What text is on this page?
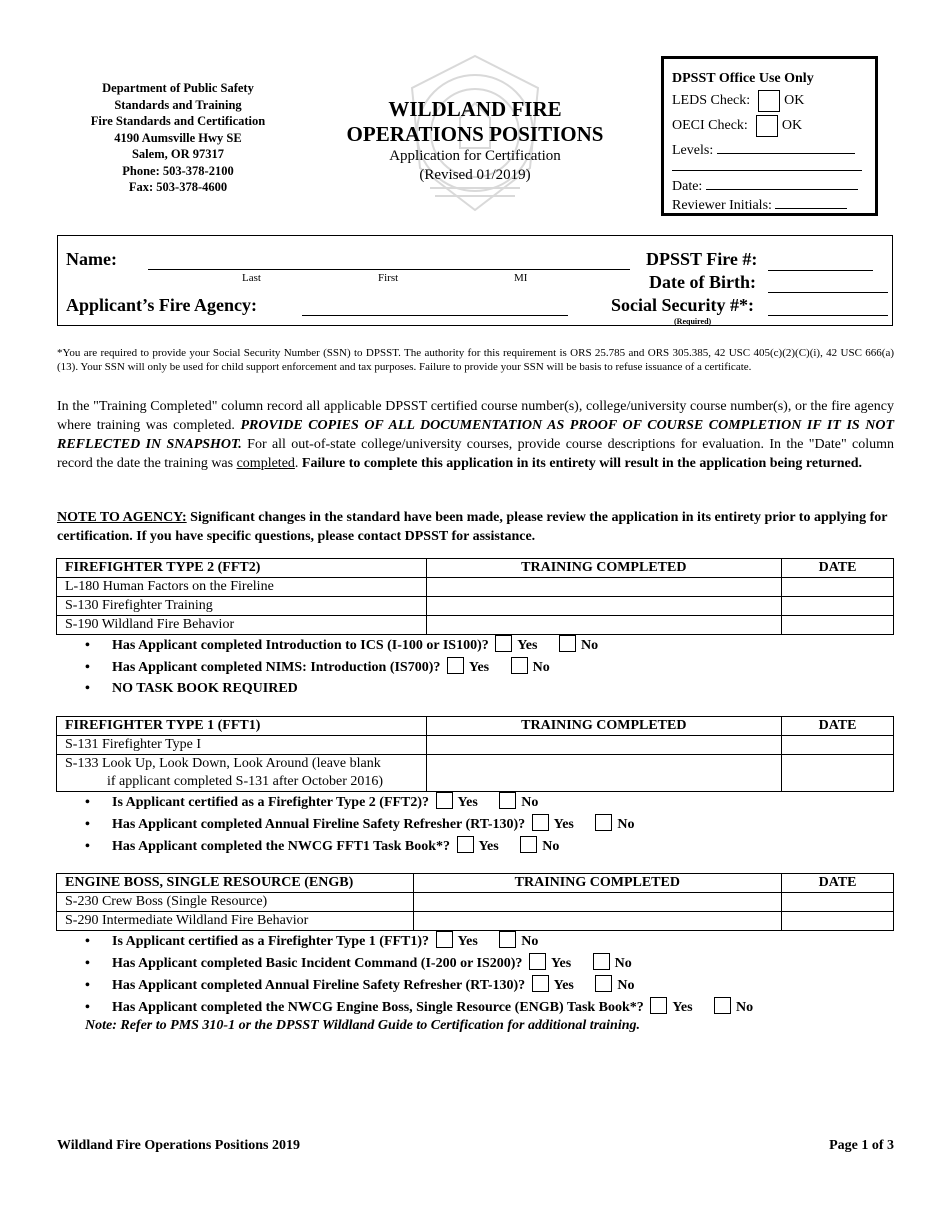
Department of Public Safety
Standards and Training
Fire Standards and Certification
4190 Aumsville Hwy SE
Salem, OR 97317
Phone: 503-378-2100
Fax: 503-378-4600
WILDLAND FIRE
OPERATIONS POSITIONS
Application for Certification
(Revised 01/2019)
DPSST Office Use Only
LEDS Check: OK
OECI Check: OK
Levels:
Date:
Reviewer Initials:
Name:
Last	First	MI
Applicant’s Fire Agency:
DPSST Fire #:
Date of Birth:
Social Security #*:
(Required)
*You are required to provide your Social Security Number (SSN) to DPSST. The authority for this requirement is ORS 25.785 and ORS 305.385, 42 USC 405(c)(2)(C)(i), 42 USC 666(a)(13). Your SSN will only be used for child support enforcement and tax purposes. Failure to provide your SSN will be basis to refuse issuance of a certificate.
In the "Training Completed" column record all applicable DPSST certified course number(s), college/university course number(s), or the fire agency where training was completed. PROVIDE COPIES OF ALL DOCUMENTATION AS PROOF OF COURSE COMPLETION IF IT IS NOT REFLECTED IN SNAPSHOT. For all out-of-state college/university courses, provide course descriptions for evaluation. In the "Date" column record the date the training was completed. Failure to complete this application in its entirety will result in the application being returned.
NOTE TO AGENCY: Significant changes in the standard have been made, please review the application in its entirety prior to applying for certification. If you have specific questions, please contact DPSST for assistance.
FIREFIGHTER TYPE 2 (FFT2)	TRAINING COMPLETED	DATE
L-180 Human Factors on the Fireline		
S-130 Firefighter Training		
S-190 Wildland Fire Behavior		
• Has Applicant completed Introduction to ICS (I-100 or IS100)? Yes	No
• Has Applicant completed NIMS: Introduction (IS700)? Yes	No
• NO TASK BOOK REQUIRED
FIREFIGHTER TYPE 1 (FFT1)	TRAINING COMPLETED	DATE
S-131 Firefighter Type I		

S-133 Look Up, Look Down, Look Around (leave blank
if applicant completed S-131 after October 2016)		

• Is Applicant certified as a Firefighter Type 2 (FFT2)? Yes	No
• Has Applicant completed Annual Fireline Safety Refresher (RT-130)? Yes	No
• Has Applicant completed the NWCG FFT1 Task Book*? Yes	No
ENGINE BOSS, SINGLE RESOURCE (ENGB)	TRAINING COMPLETED	DATE
S-230 Crew Boss (Single Resource)		
S-290 Intermediate Wildland Fire Behavior		
• Is Applicant certified as a Firefighter Type 1 (FFT1)? Yes	No
• Has Applicant completed Basic Incident Command (I-200 or IS200)? Yes	No
• Has Applicant completed Annual Fireline Safety Refresher (RT-130)? Yes	No
• Has Applicant completed the NWCG Engine Boss, Single Resource (ENGB) Task Book*? Yes	No
Note: Refer to PMS 310-1 or the DPSST Wildland Guide to Certification for additional training.
Wildland Fire Operations Positions 2019	Page 1 of 3
